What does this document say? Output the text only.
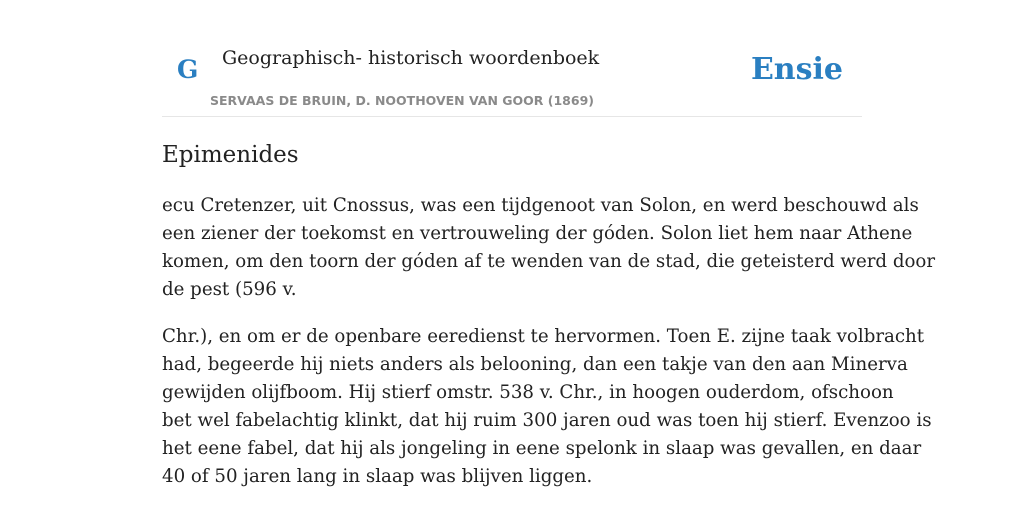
G Geographisch- historisch woordenboek
SERVAAS DE BRUIN, D. NOOTHOVEN VAN GOOR (1869)
Ensie
Epimenides

ecu Cretenzer, uit Cnossus, was een tijdgenoot van Solon, en werd beschouwd als
een ziener der toekomst en vertrouweling der góden. Solon liet hem naar Athene
komen, om den toorn der góden af te wenden van de stad, die geteisterd werd door
de pest (596 v.

Chr.), en om er de openbare eeredienst te hervormen. Toen E. zijne taak volbracht
had, begeerde hij niets anders als belooning, dan een takje van den aan Minerva
gewijden olijfboom. Hij stierf omstr. 538 v. Chr., in hoogen ouderdom, ofschoon
bet wel fabelachtig klinkt, dat hij ruim 300 jaren oud was toen hij stierf. Evenzoo is
het eene fabel, dat hij als jongeling in eene spelonk in slaap was gevallen, en daar
40 of 50 jaren lang in slaap was blijven liggen.
